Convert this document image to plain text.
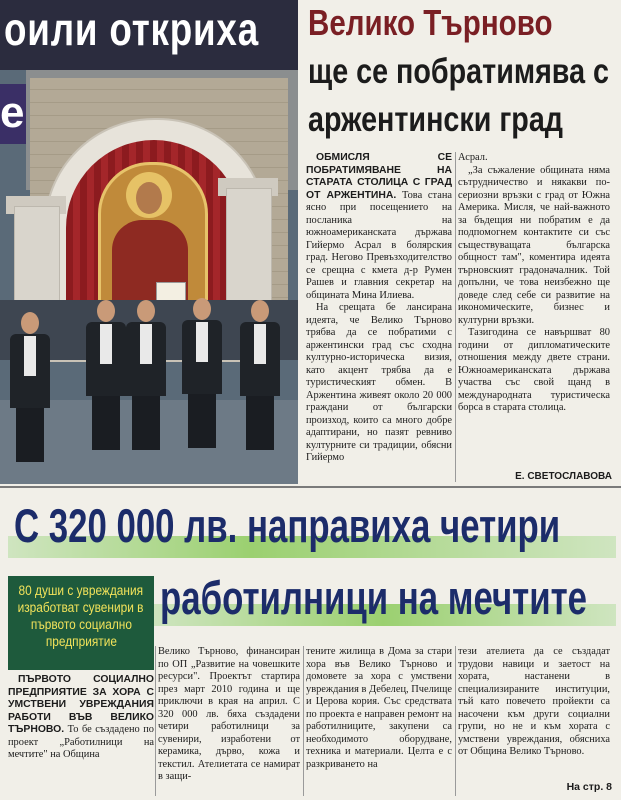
оили откриха
е
Велико Търново
ще се побратимява с
аржентински град

ОБМИСЛЯ СЕ ПОБРАТИМЯВАНЕ НА СТАРАТА СТОЛИЦА С ГРАД ОТ АРЖЕНТИНА. Това стана ясно при посещението на посланика на южноамериканската държава Гийермо Асрал в болярския град. Негово Превъзходителство се срещна с кмета д-р Румен Рашев и главния секретар на общината Мина Илиева.

На срещата бе лансирана идеята, че Велико Търново трябва да се побратими с аржентински град със сходна културно-историческа визия, като акцент трябва да е туристическият обмен. В Аржентина живеят около 20 000 граждани от български произход, които са много добре адаптирани, но пазят ревниво културните си традиции, обясни Гийермо

Асрал.

„За съжаление общината няма сътрудничество и някакви по-сериозни връзки с град от Южна Америка. Мисля, че най-важното за бъдещия ни побратим е да подпомогнем контактите си със съществуващата българска общност там", коментира идеята търновският градоначалник. Той допълни, че това неизбежно ще доведе след себе си развитие на икономическите, бизнес и културни връзки.

Тазигодина се навършват 80 години от дипломатическите отношения между двете страни. Южноамериканската държава участва със свой щанд в международната туристическа борса в старата столица.

Е. СВЕТОСЛАВОВА
С 320 000 лв. направиха четири
работилници на мечтите
80 души с увреждания
изработват сувенири в
първото социално
предприятие

ПЪРВОТО СОЦИАЛНО ПРЕДПРИЯТИЕ ЗА ХОРА С УМСТВЕНИ УВРЕЖДАНИЯ РАБОТИ ВЪВ ВЕЛИКО ТЪРНОВО. То бе създадено по проект „Работилници на мечтите" на Община

Велико Търново, финансиран по ОП „Развитие на човешките ресурси". Проектът стартира през март 2010 година и ще приключи в края на април. С 320 000 лв. бяха създадени четири работилници за сувенири, изработени от керамика, дърво, кожа и текстил. Ателиетата се намират в защи-

тените жилища в Дома за стари хора във Велико Търново и домовете за хора с умствени увреждания в Дебелец, Пчелище и Церова кория. Със средствата по проекта е направен ремонт на работилниците, закупени са необходимото оборудване, техника и материали. Целта е с разкриването на

тези ателиета да се създадат трудови навици и заетост на хората, настанени в специализираните институции, тъй като повечето пройекти са насочени към други социални групи, но не и към хората с умствени увреждания, обясниха от Община Велико Търново.

На стр. 8
